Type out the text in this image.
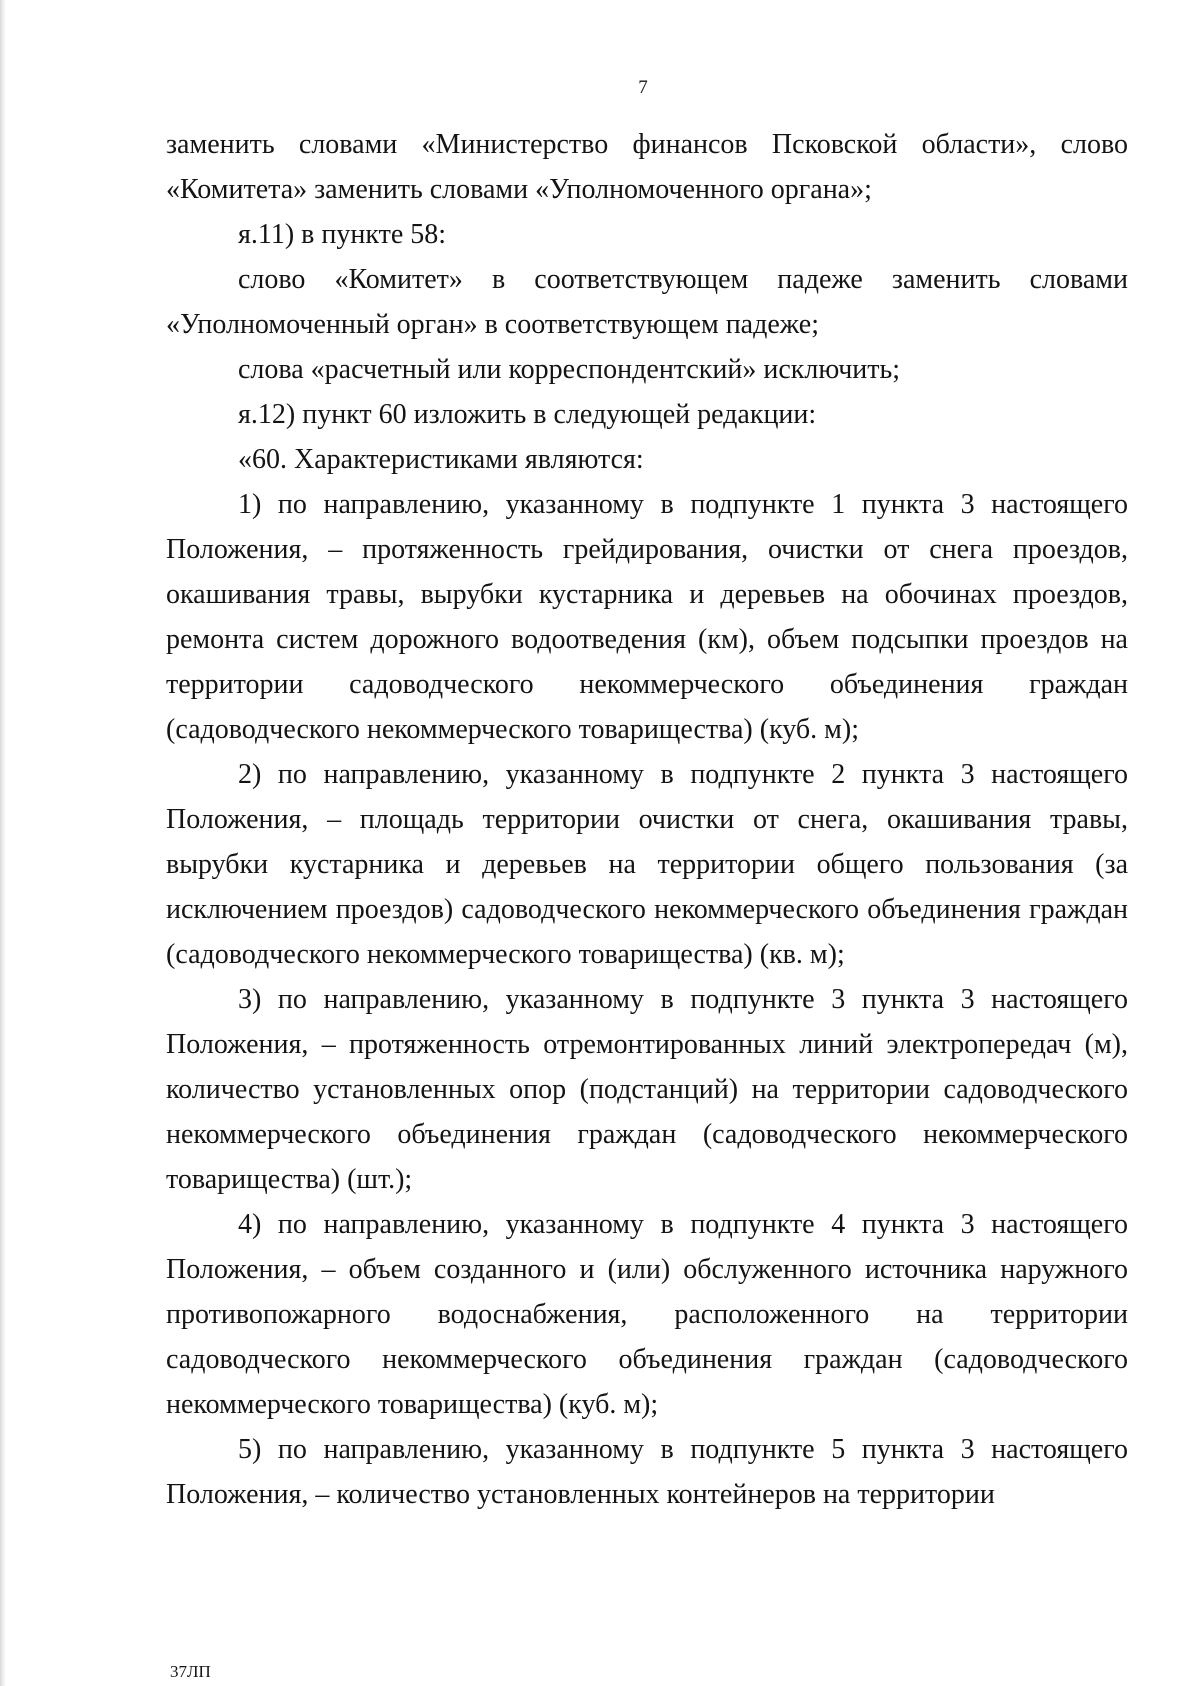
7

заменить словами «Министерство финансов Псковской области», слово «Комитета» заменить словами «Уполномоченного органа»;

я.11) в пункте 58:

слово «Комитет» в соответствующем падеже заменить словами «Уполномоченный орган» в соответствующем падеже;

слова «расчетный или корреспондентский» исключить;

я.12) пункт 60 изложить в следующей редакции:

«60. Характеристиками являются:

1) по направлению, указанному в подпункте 1 пункта 3 настоящего Положения, – протяженность грейдирования, очистки от снега проездов, окашивания травы, вырубки кустарника и деревьев на обочинах проездов, ремонта систем дорожного водоотведения (км), объем подсыпки проездов на территории садоводческого некоммерческого объединения граждан (садоводческого некоммерческого товарищества) (куб. м);

2) по направлению, указанному в подпункте 2 пункта 3 настоящего Положения, – площадь территории очистки от снега, окашивания травы, вырубки кустарника и деревьев на территории общего пользования (за исключением проездов) садоводческого некоммерческого объединения граждан (садоводческого некоммерческого товарищества) (кв. м);

3) по направлению, указанному в подпункте 3 пункта 3 настоящего Положения, – протяженность отремонтированных линий электропередач (м), количество установленных опор (подстанций) на территории садоводческого некоммерческого объединения граждан (садоводческого некоммерческого товарищества) (шт.);

4) по направлению, указанному в подпункте 4 пункта 3 настоящего Положения, – объем созданного и (или) обслуженного источника наружного противопожарного водоснабжения, расположенного на территории садоводческого некоммерческого объединения граждан (садоводческого некоммерческого товарищества) (куб. м);

5) по направлению, указанному в подпункте 5 пункта 3 настоящего Положения, – количество установленных контейнеров на территории

37ЛП
